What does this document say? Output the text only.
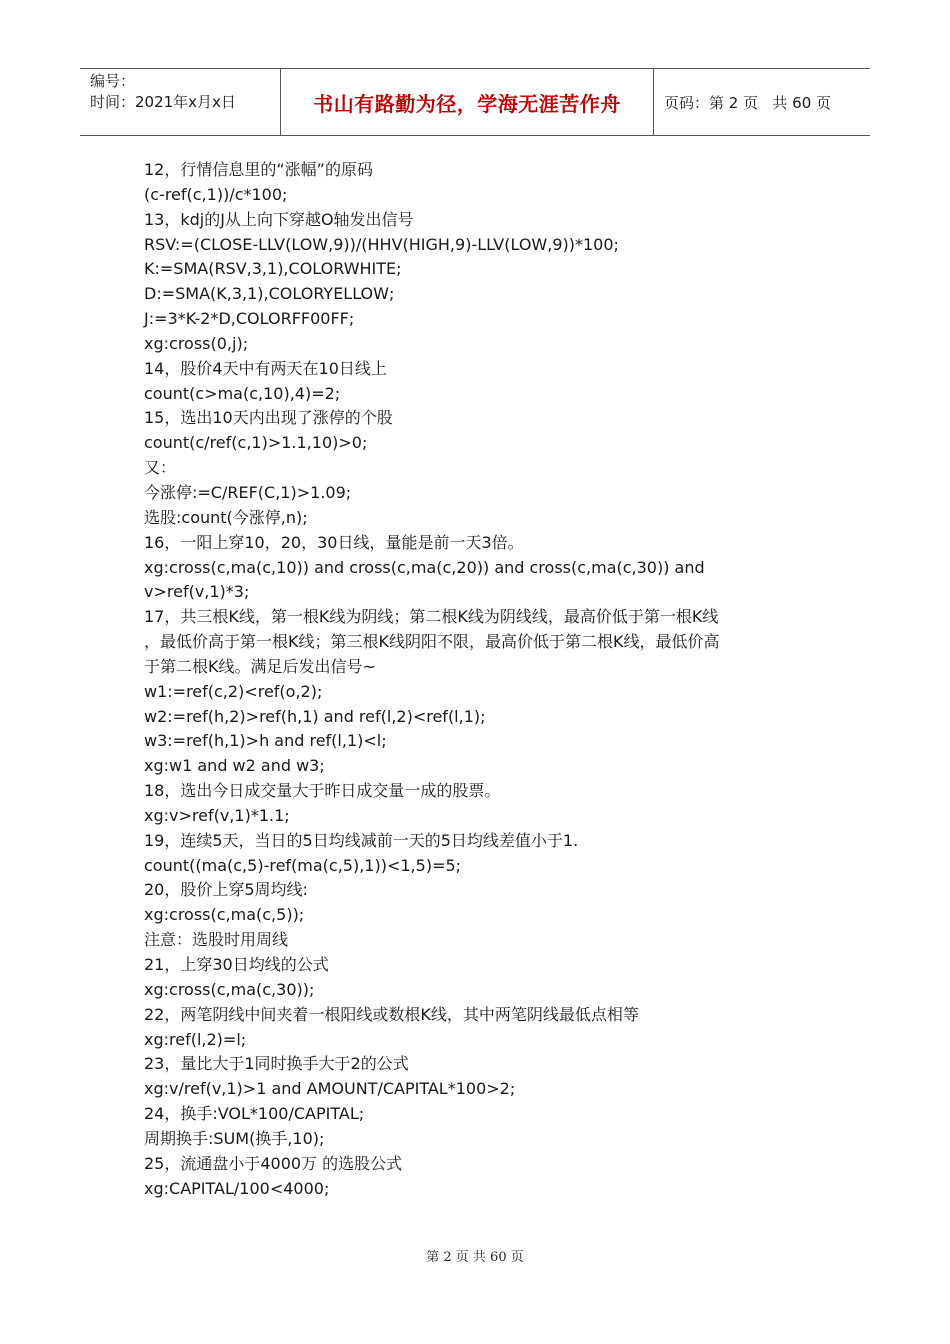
编号：
时间：2021年x月x日	书山有路勤为径，学海无涯苦作舟	页码：第 2 页   共 60 页
12，行情信息里的“涨幅”的原码
(c-ref(c,1))/c*100;
13，kdj的J从上向下穿越O轴发出信号
RSV:=(CLOSE-LLV(LOW,9))/(HHV(HIGH,9)-LLV(LOW,9))*100;
K:=SMA(RSV,3,1),COLORWHITE;
D:=SMA(K,3,1),COLORYELLOW;
J:=3*K-2*D,COLORFF00FF;
xg:cross(0,j);
14，股价4天中有两天在10日线上
count(c>ma(c,10),4)=2;
15，选出10天内出现了涨停的个股
count(c/ref(c,1)>1.1,10)>0;
又：
今涨停:=C/REF(C,1)>1.09;
选股:count(今涨停,n);
16，一阳上穿10，20，30日线，量能是前一天3倍。
xg:cross(c,ma(c,10)) and cross(c,ma(c,20)) and cross(c,ma(c,30)) and
v>ref(v,1)*3;
17，共三根K线，第一根K线为阴线；第二根K线为阴线线，最高价低于第一根K线
，最低价高于第一根K线；第三根K线阴阳不限，最高价低于第二根K线，最低价高
于第二根K线。满足后发出信号~
w1:=ref(c,2)<ref(o,2);
w2:=ref(h,2)>ref(h,1) and ref(l,2)<ref(l,1);
w3:=ref(h,1)>h and ref(l,1)<l;
xg:w1 and w2 and w3;
18，选出今日成交量大于昨日成交量一成的股票。
xg:v>ref(v,1)*1.1;
19，连续5天，当日的5日均线减前一天的5日均线差值小于1.
count((ma(c,5)-ref(ma(c,5),1))<1,5)=5;
20，股价上穿5周均线:
xg:cross(c,ma(c,5));
注意：选股时用周线
21，上穿30日均线的公式
xg:cross(c,ma(c,30));
22，两笔阴线中间夹着一根阳线或数根K线，其中两笔阴线最低点相等
xg:ref(l,2)=l;
23，量比大于1同时换手大于2的公式
xg:v/ref(v,1)>1 and AMOUNT/CAPITAL*100>2;
24，换手:VOL*100/CAPITAL;
周期换手:SUM(换手,10);
25，流通盘小于4000万 的选股公式
xg:CAPITAL/100<4000;
第 2 页 共 60 页
